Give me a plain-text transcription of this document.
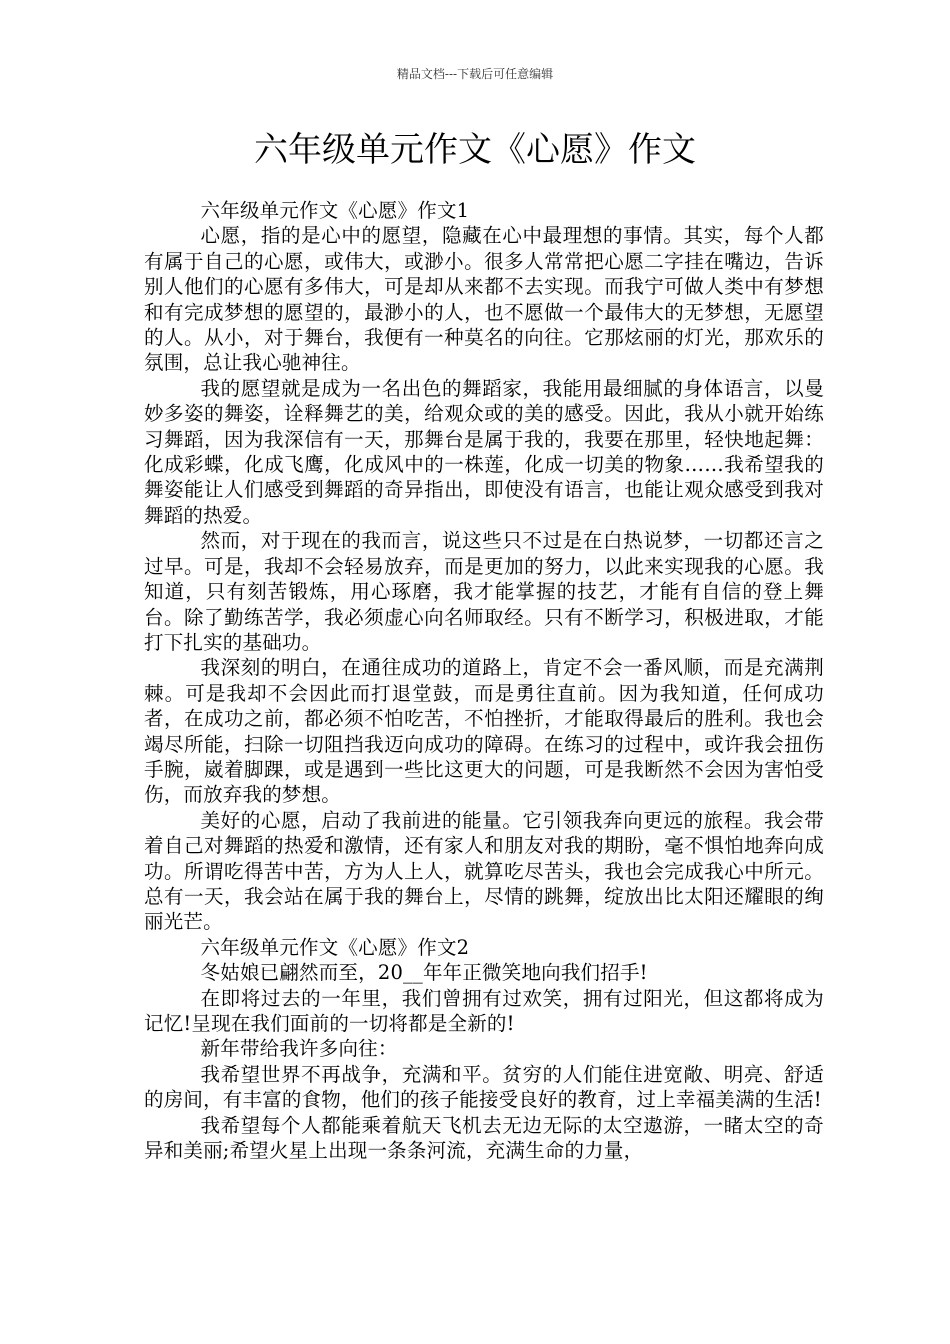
精品文档---下载后可任意编辑
六年级单元作文《心愿》作文

六年级单元作文《心愿》作文1

心愿，指的是心中的愿望，隐藏在心中最理想的事情。其实，每个人都有属于自己的心愿，或伟大，或渺小。很多人常常把心愿二字挂在嘴边，告诉别人他们的心愿有多伟大，可是却从来都不去实现。而我宁可做人类中有梦想和有完成梦想的愿望的，最渺小的人，也不愿做一个最伟大的无梦想，无愿望的人。从小，对于舞台，我便有一种莫名的向往。它那炫丽的灯光，那欢乐的氛围，总让我心驰神往。

我的愿望就是成为一名出色的舞蹈家，我能用最细腻的身体语言，以曼妙多姿的舞姿，诠释舞艺的美，给观众或的美的感受。因此，我从小就开始练习舞蹈，因为我深信有一天，那舞台是属于我的，我要在那里，轻快地起舞：化成彩蝶，化成飞鹰，化成风中的一株莲，化成一切美的物象……我希望我的舞姿能让人们感受到舞蹈的奇异指出，即使没有语言，也能让观众感受到我对舞蹈的热爱。

然而，对于现在的我而言，说这些只不过是在白热说梦，一切都还言之过早。可是，我却不会轻易放弃，而是更加的努力，以此来实现我的心愿。我知道，只有刻苦锻炼，用心琢磨，我才能掌握的技艺，才能有自信的登上舞台。除了勤练苦学，我必须虚心向名师取经。只有不断学习，积极进取，才能打下扎实的基础功。

我深刻的明白，在通往成功的道路上，肯定不会一番风顺，而是充满荆棘。可是我却不会因此而打退堂鼓，而是勇往直前。因为我知道，任何成功者，在成功之前，都必须不怕吃苦，不怕挫折，才能取得最后的胜利。我也会竭尽所能，扫除一切阻挡我迈向成功的障碍。在练习的过程中，或许我会扭伤手腕，崴着脚踝，或是遇到一些比这更大的问题，可是我断然不会因为害怕受伤，而放弃我的梦想。

美好的心愿，启动了我前进的能量。它引领我奔向更远的旅程。我会带着自己对舞蹈的热爱和激情，还有家人和朋友对我的期盼，毫不惧怕地奔向成功。所谓吃得苦中苦，方为人上人，就算吃尽苦头，我也会完成我心中所元。总有一天，我会站在属于我的舞台上，尽情的跳舞，绽放出比太阳还耀眼的绚丽光芒。

六年级单元作文《心愿》作文2

冬姑娘已翩然而至，20__年年正微笑地向我们招手!

在即将过去的一年里，我们曾拥有过欢笑，拥有过阳光，但这都将成为记忆!呈现在我们面前的一切将都是全新的!

新年带给我许多向往：

我希望世界不再战争，充满和平。贫穷的人们能住进宽敞、明亮、舒适的房间，有丰富的食物，他们的孩子能接受良好的教育，过上幸福美满的生活!

我希望每个人都能乘着航天飞机去无边无际的太空遨游，一睹太空的奇异和美丽;希望火星上出现一条条河流，充满生命的力量，
